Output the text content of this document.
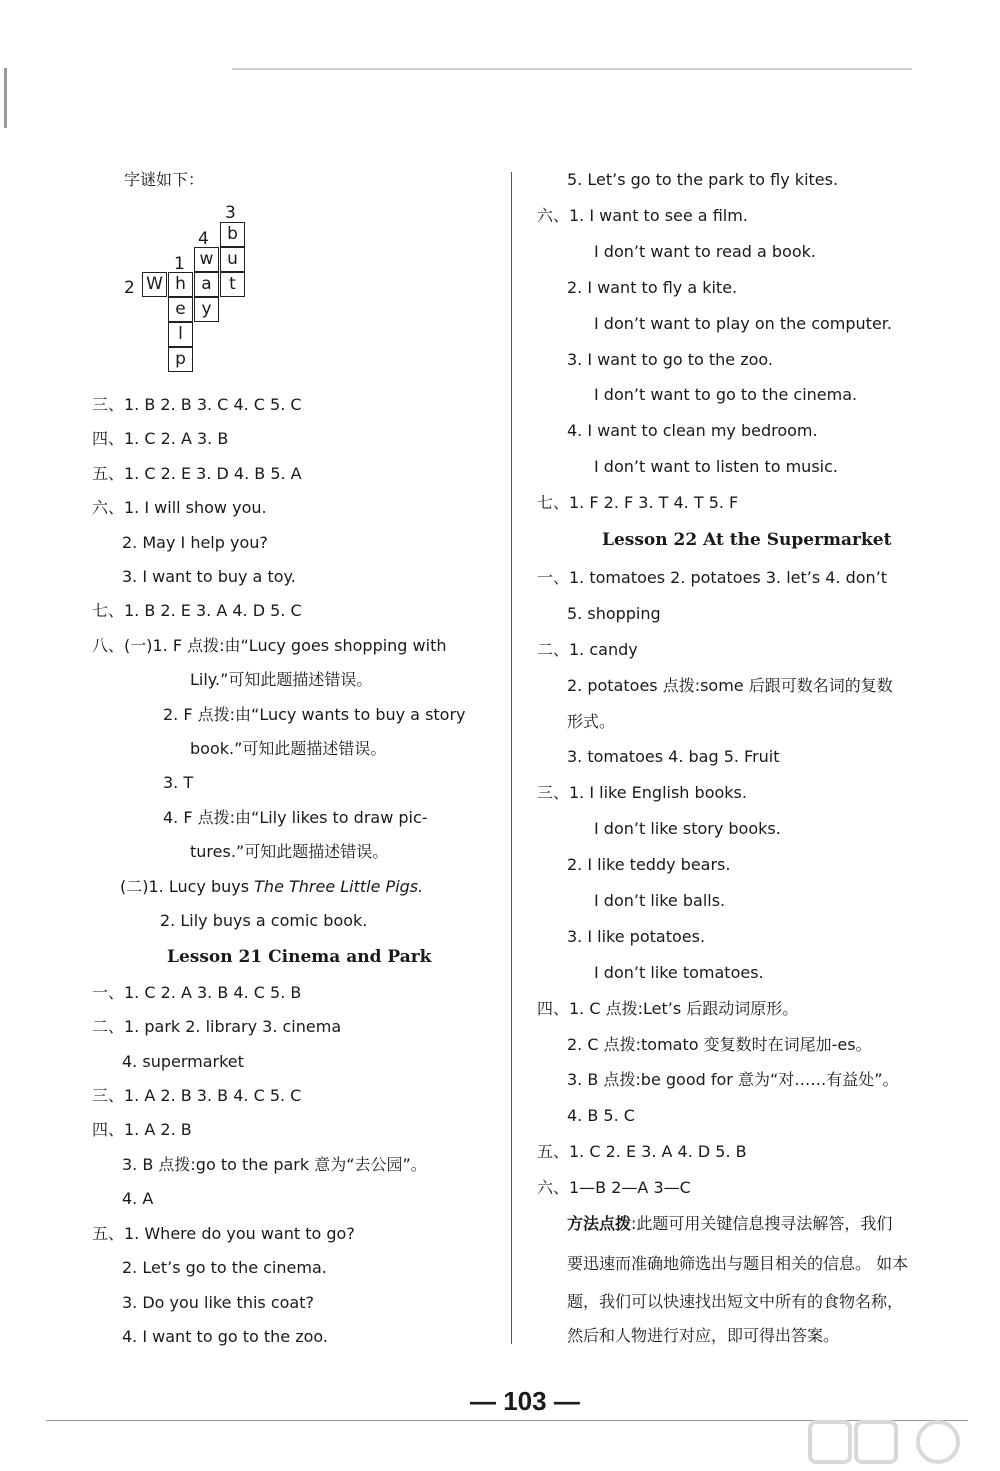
字谜如下：
3
4
1
2
b
u
t
w
a
y
h
e
l
p
W
三、1. B 2. B 3. C 4. C 5. C
四、1. C 2. A 3. B
五、1. C 2. E 3. D 4. B 5. A
六、1. I will show you.
2. May I help you?
3. I want to buy a toy.
七、1. B 2. E 3. A 4. D 5. C
八、(一)1. F 点拨:由“Lucy goes shopping with
Lily.”可知此题描述错误。
2. F 点拨:由“Lucy wants to buy a story
book.”可知此题描述错误。
3. T
4. F 点拨:由“Lily likes to draw pic-
tures.”可知此题描述错误。
(二)1. Lucy buys The Three Little Pigs.
2. Lily buys a comic book.
Lesson 21 Cinema and Park
一、1. C 2. A 3. B 4. C 5. B
二、1. park 2. library 3. cinema
4. supermarket
三、1. A 2. B 3. B 4. C 5. C
四、1. A 2. B
3. B 点拨:go to the park 意为“去公园”。
4. A
五、1. Where do you want to go?
2. Let’s go to the cinema.
3. Do you like this coat?
4. I want to go to the zoo.
5. Let’s go to the park to fly kites.
六、1. I want to see a film.
I don’t want to read a book.
2. I want to fly a kite.
I don’t want to play on the computer.
3. I want to go to the zoo.
I don’t want to go to the cinema.
4. I want to clean my bedroom.
I don’t want to listen to music.
七、1. F 2. F 3. T 4. T 5. F
Lesson 22 At the Supermarket
一、1. tomatoes 2. potatoes 3. let’s 4. don’t
5. shopping
二、1. candy
2. potatoes 点拨:some 后跟可数名词的复数
形式。
3. tomatoes 4. bag 5. Fruit
三、1. I like English books.
I don’t like story books.
2. I like teddy bears.
I don’t like balls.
3. I like potatoes.
I don’t like tomatoes.
四、1. C 点拨:Let’s 后跟动词原形。
2. C 点拨:tomato 变复数时在词尾加-es。
3. B 点拨:be good for 意为“对……有益处”。
4. B 5. C
五、1. C 2. E 3. A 4. D 5. B
六、1—B 2—A 3—C
方法点拨:此题可用关键信息搜寻法解答，我们
要迅速而准确地筛选出与题目相关的信息。 如本
题，我们可以快速找出短文中所有的食物名称，
然后和人物进行对应，即可得出答案。
— 103 —
